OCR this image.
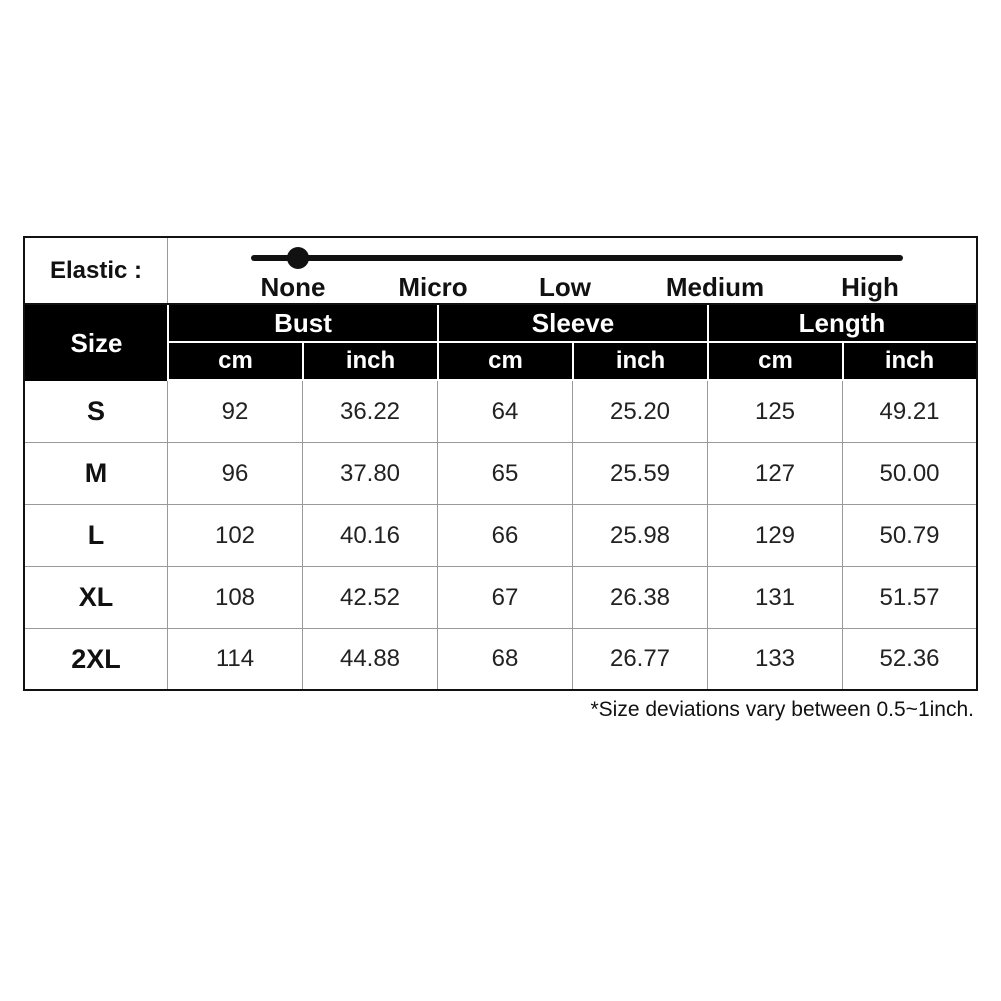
Elastic :
None	Micro	Low	Medium	High
Size
Bust	Sleeve	Length
cm	inch	cm	inch	cm	inch
S	92	36.22	64	25.20	125	49.21
M	96	37.80	65	25.59	127	50.00
L	102	40.16	66	25.98	129	50.79
XL	108	42.52	67	26.38	131	51.57
2XL	114	44.88	68	26.77	133	52.36
*Size deviations vary between 0.5~1inch.
